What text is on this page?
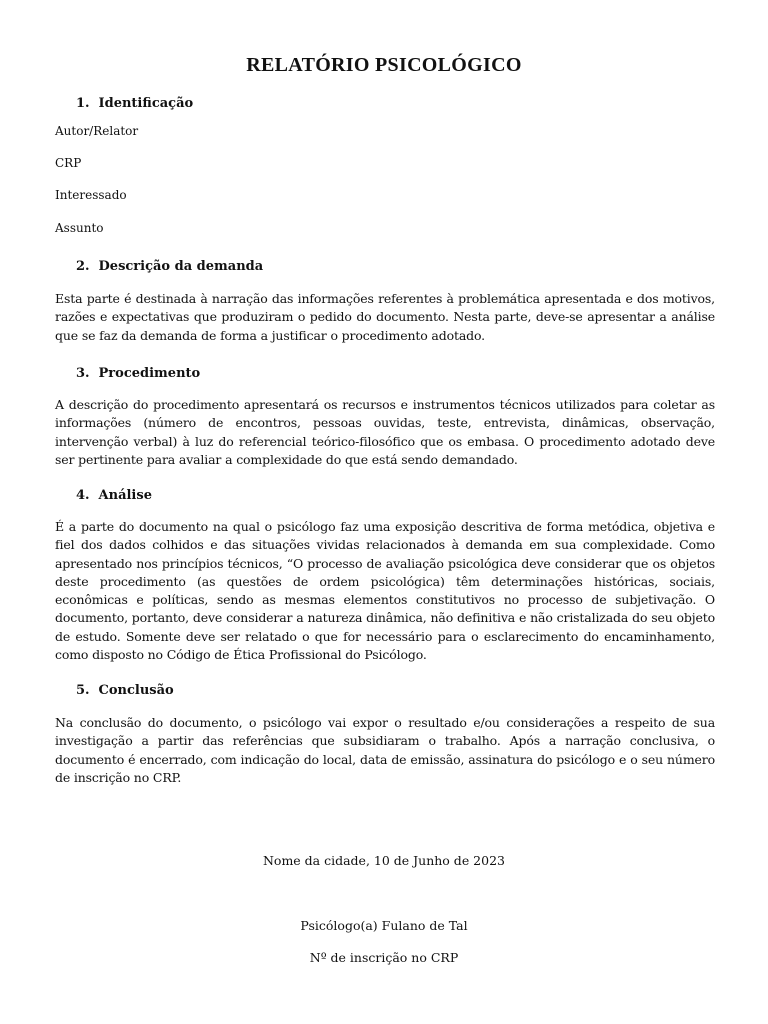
RELATÓRIO PSICOLÓGICO
1. Identificação
Autor/Relator
CRP
Interessado
Assunto
2. Descrição da demanda
Esta parte é destinada à narração das informações referentes à problemática apresentada e dos motivos, razões e expectativas que produziram o pedido do documento. Nesta parte, deve-se apresentar a análise que se faz da demanda de forma a justificar o procedimento adotado.
3. Procedimento
A descrição do procedimento apresentará os recursos e instrumentos técnicos utilizados para coletar as informações (número de encontros, pessoas ouvidas, teste, entrevista, dinâmicas, observação, intervenção verbal) à luz do referencial teórico-filosófico que os embasa. O procedimento adotado deve ser pertinente para avaliar a complexidade do que está sendo demandado.
4. Análise
É a parte do documento na qual o psicólogo faz uma exposição descritiva de forma metódica, objetiva e fiel dos dados colhidos e das situações vividas relacionados à demanda em sua complexidade. Como apresentado nos princípios técnicos, “O processo de avaliação psicológica deve considerar que os objetos deste procedimento (as questões de ordem psicológica) têm determinações históricas, sociais, econômicas e políticas, sendo as mesmas elementos constitutivos no processo de subjetivação. O documento, portanto, deve considerar a natureza dinâmica, não definitiva e não cristalizada do seu objeto de estudo. Somente deve ser relatado o que for necessário para o esclarecimento do encaminhamento, como disposto no Código de Ética Profissional do Psicólogo.
5. Conclusão
Na conclusão do documento, o psicólogo vai expor o resultado e/ou considerações a respeito de sua investigação a partir das referências que subsidiaram o trabalho. Após a narração conclusiva, o documento é encerrado, com indicação do local, data de emissão, assinatura do psicólogo e o seu número de inscrição no CRP.
Nome da cidade, 10 de Junho de 2023
Psicólogo(a) Fulano de Tal
Nº de inscrição no CRP
